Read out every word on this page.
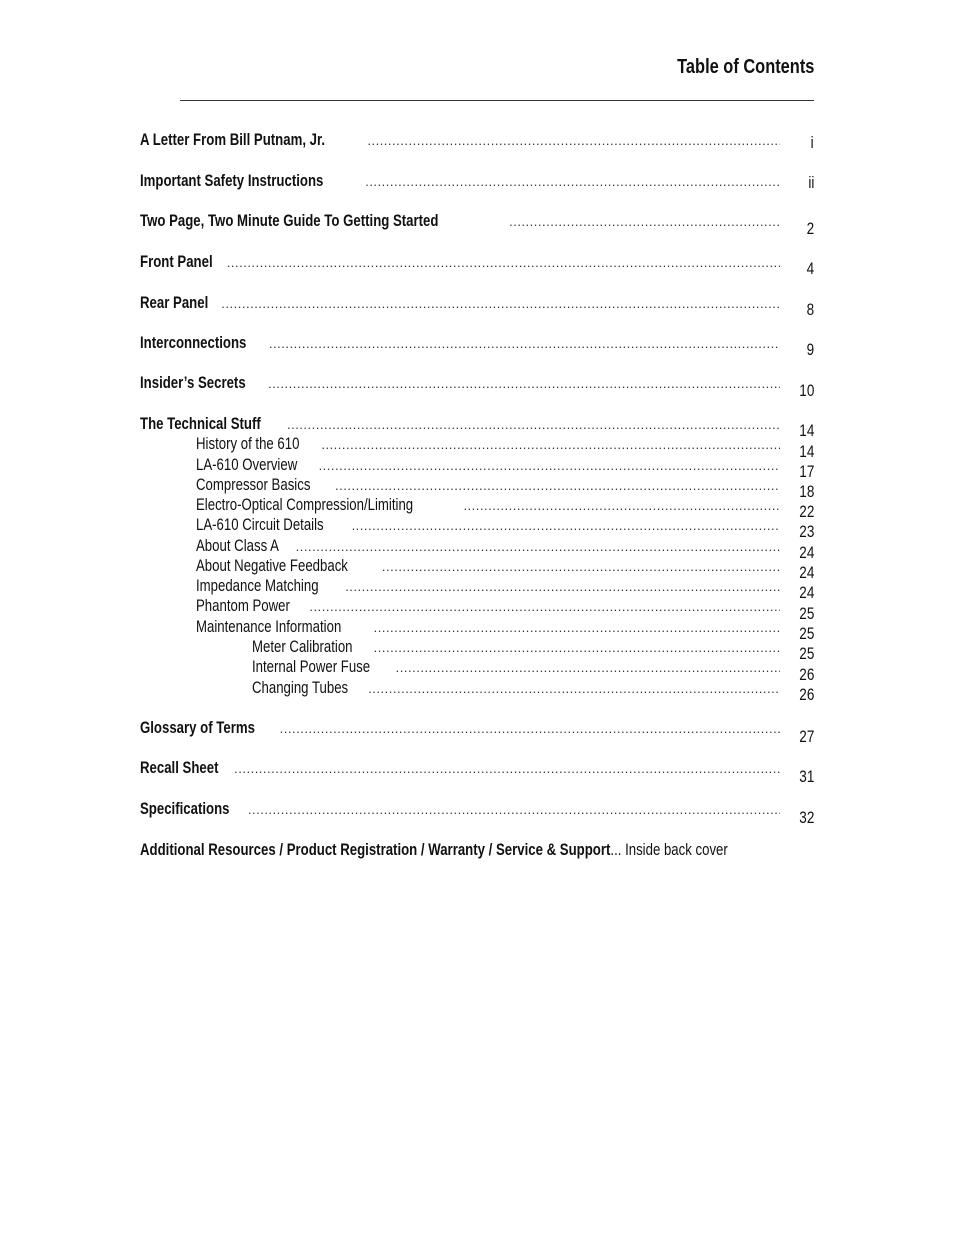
Table of Contents
A Letter From Bill Putnam, Jr.
.....
Important Safety Instructions
.....
Two Page, Two Minute Guide To Getting Started
.....
Front Panel
.....
Rear Panel
.....
Interconnections
.....
Insider’s Secrets
.....
The Technical Stuff
.....
History of the 610
.....
LA-610 Overview
.....
Compressor Basics
.....
Electro-Optical Compression/Limiting
.....
LA-610 Circuit Details
.....
About Class A
.....
About Negative Feedback
.....
Impedance Matching
.....
Phantom Power
.....
Maintenance Information
.....
Meter Calibration
.....
Internal Power Fuse
.....
Changing Tubes
.....
Glossary of Terms
.....
Recall Sheet
.....
Specifications
.....
Additional Resources / Product Registration / Warranty / Service & Support... Inside back cover
i
ii
2
4
8
9
10
14
14
17
18
22
23
24
24
24
25
25
25
26
26
27
31
32
